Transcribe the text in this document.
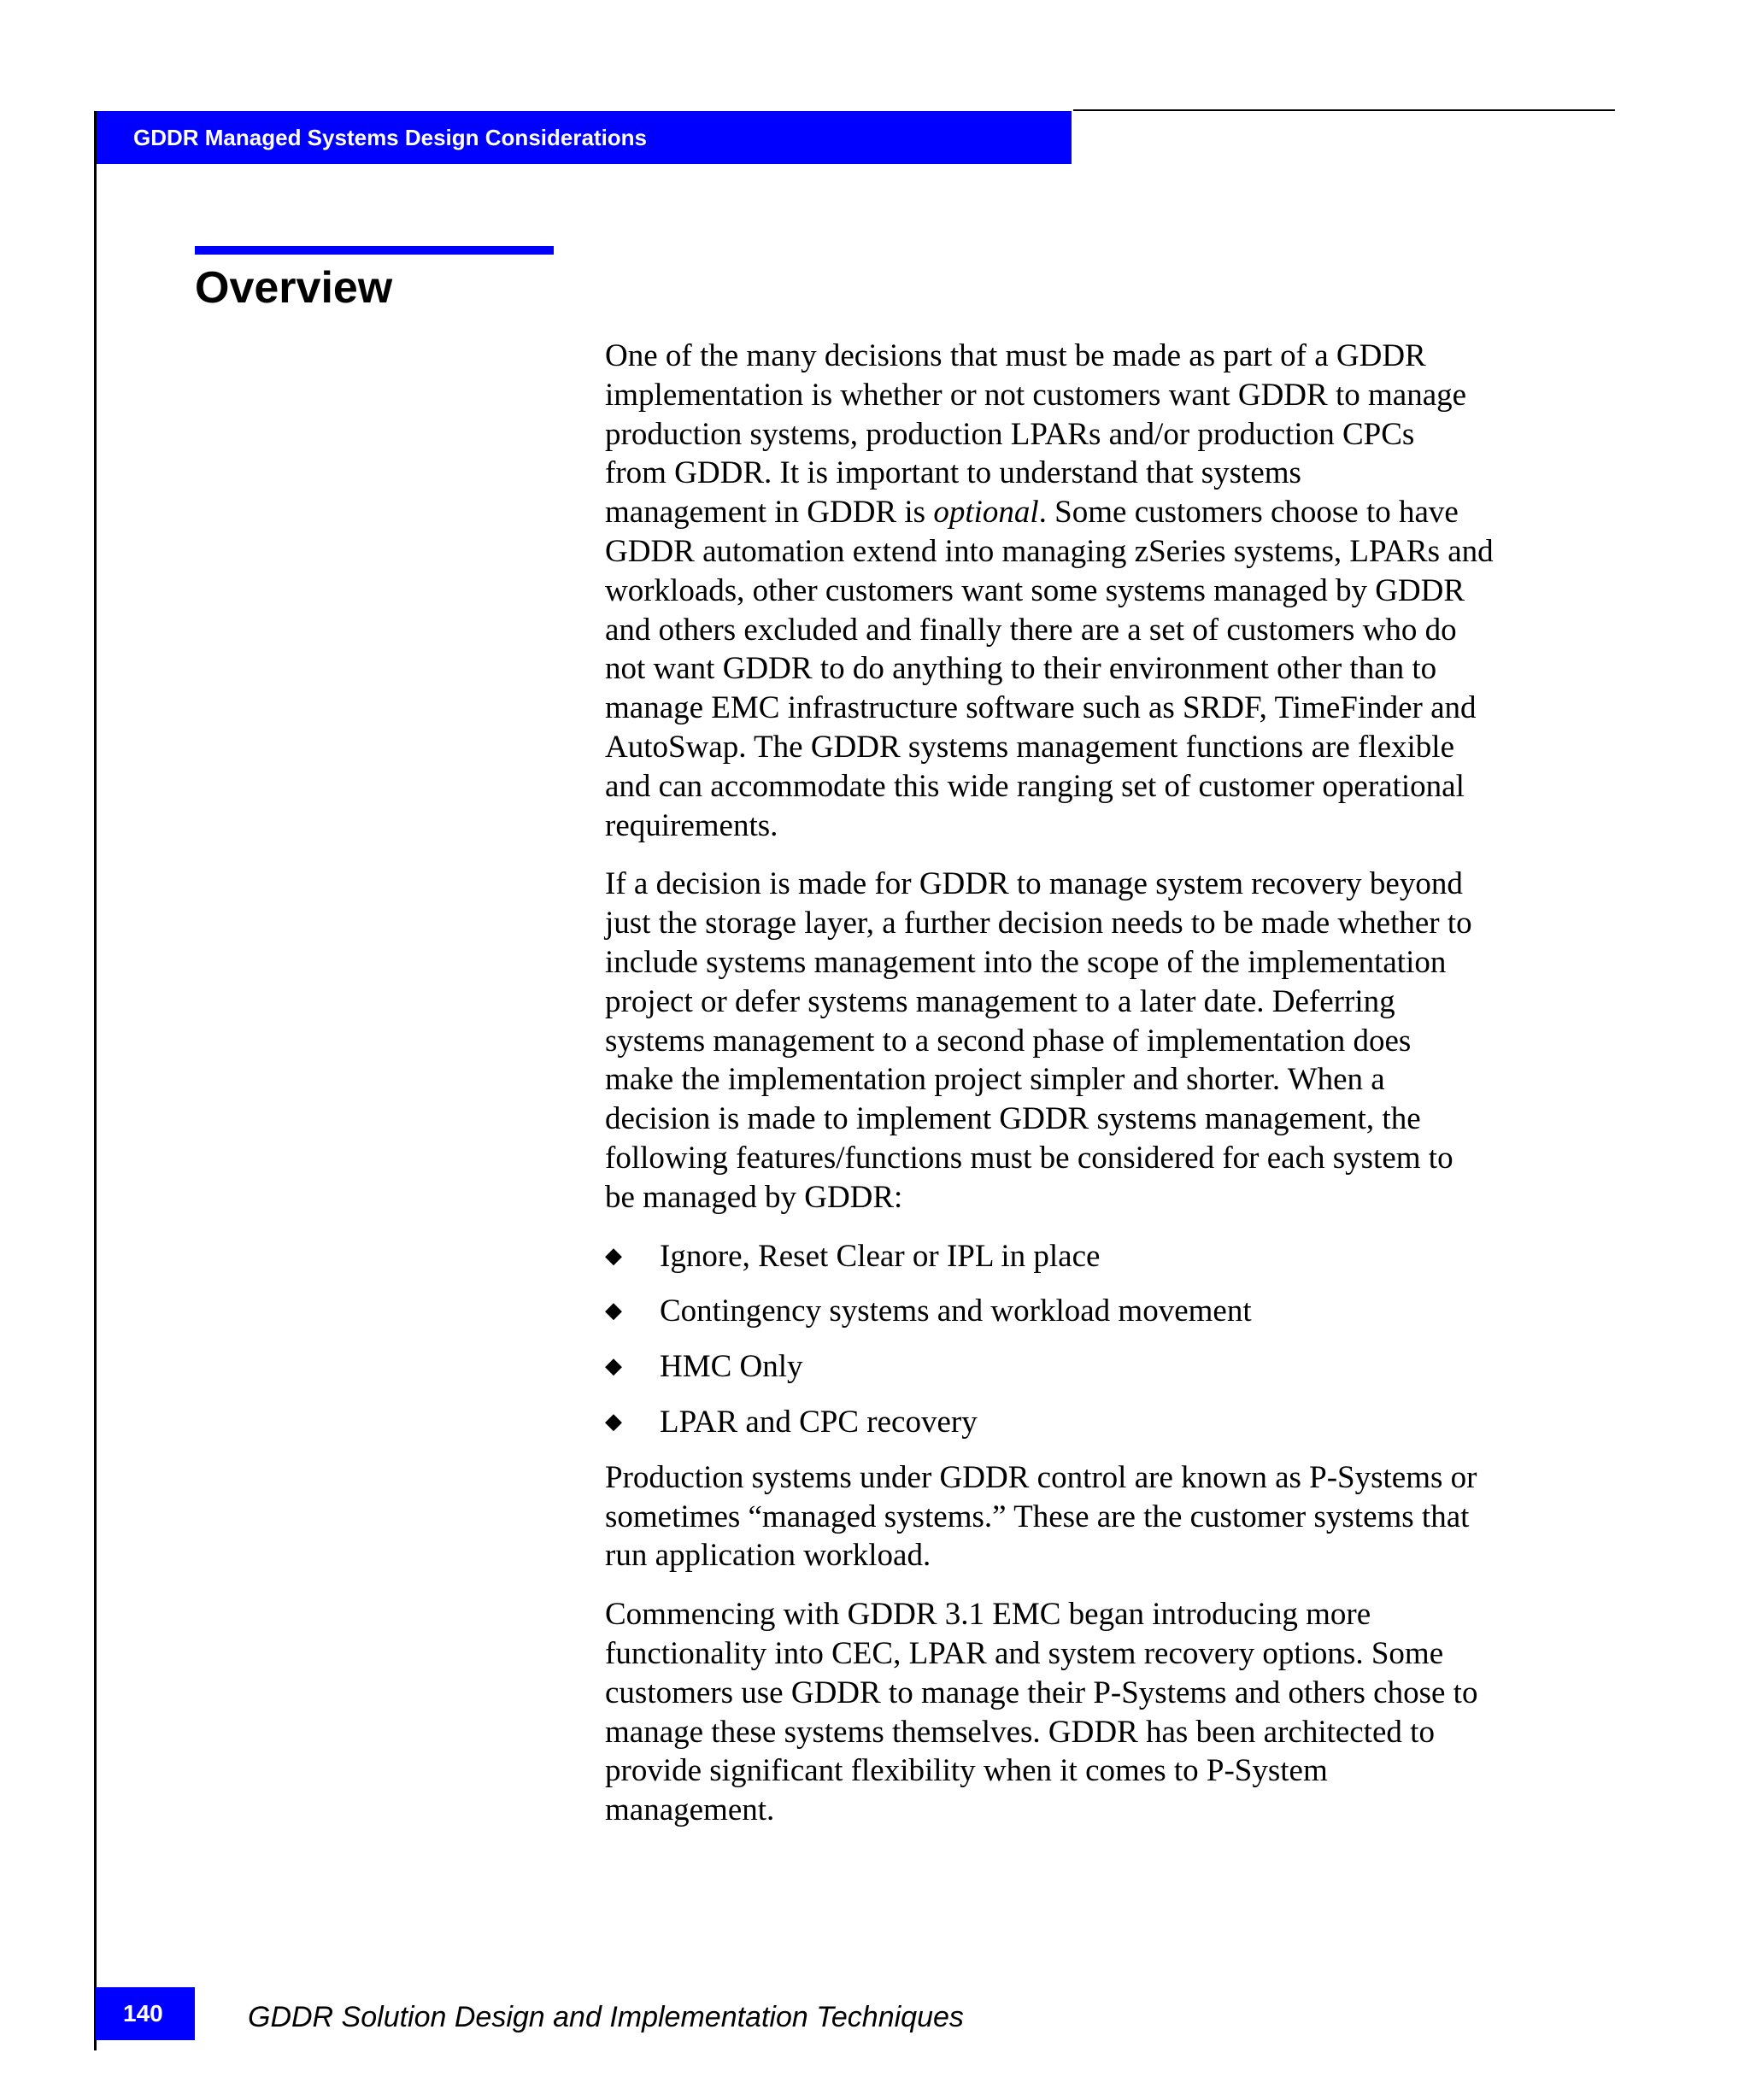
GDDR Managed Systems Design Considerations
Overview

One of the many decisions that must be made as part of a GDDR
implementation is whether or not customers want GDDR to manage
production systems, production LPARs and/or production CPCs
from GDDR. It is important to understand that systems
management in GDDR is optional. Some customers choose to have
GDDR automation extend into managing zSeries systems, LPARs and
workloads, other customers want some systems managed by GDDR
and others excluded and finally there are a set of customers who do
not want GDDR to do anything to their environment other than to
manage EMC infrastructure software such as SRDF, TimeFinder and
AutoSwap. The GDDR systems management functions are flexible
and can accommodate this wide ranging set of customer operational
requirements.

If a decision is made for GDDR to manage system recovery beyond
just the storage layer, a further decision needs to be made whether to
include systems management into the scope of the implementation
project or defer systems management to a later date. Deferring
systems management to a second phase of implementation does
make the implementation project simpler and shorter. When a
decision is made to implement GDDR systems management, the
following features/functions must be considered for each system to
be managed by GDDR:

◆ Ignore, Reset Clear or IPL in place
◆ Contingency systems and workload movement
◆ HMC Only
◆ LPAR and CPC recovery

Production systems under GDDR control are known as P-Systems or
sometimes “managed systems.” These are the customer systems that
run application workload.

Commencing with GDDR 3.1 EMC began introducing more
functionality into CEC, LPAR and system recovery options. Some
customers use GDDR to manage their P-Systems and others chose to
manage these systems themselves. GDDR has been architected to
provide significant flexibility when it comes to P-System
management.

140	GDDR Solution Design and Implementation Techniques
